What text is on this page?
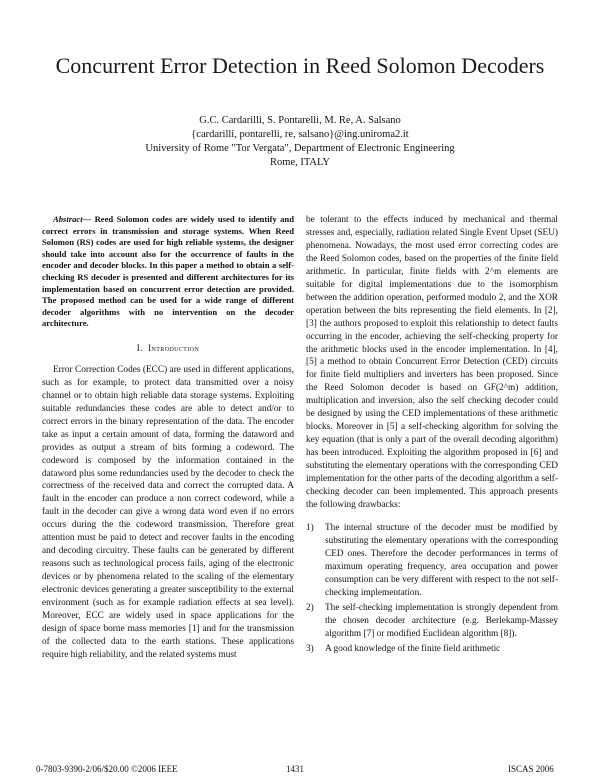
Concurrent Error Detection in Reed Solomon Decoders
G.C. Cardarilli, S. Pontarelli, M. Re, A. Salsano
{cardarilli, pontarelli, re, salsano}@ing.uniroma2.it
University of Rome "Tor Vergata", Department of Electronic Engineering
Rome, ITALY

Abstract— Reed Solomon codes are widely used to identify and correct errors in transmission and storage systems. When Reed Solomon (RS) codes are used for high reliable systems, the designer should take into account also for the occurrence of faults in the encoder and decoder blocks. In this paper a method to obtain a self-checking RS decoder is presented and different architectures for its implementation based on concurrent error detection are provided. The proposed method can be used for a wide range of different decoder algorithms with no intervention on the decoder architecture.

I. Introduction

Error Correction Codes (ECC) are used in different applications, such as for example, to protect data transmitted over a noisy channel or to obtain high reliable data storage systems. Exploiting suitable redundancies these codes are able to detect and/or to correct errors in the binary representation of the data. The encoder take as input a certain amount of data, forming the dataword and provides as output a stream of bits forming a codeword. The codeword is composed by the information contained in the dataword plus some redundancies used by the decoder to check the correctness of the received data and correct the corrupted data. A fault in the encoder can produce a non correct codeword, while a fault in the decoder can give a wrong data word even if no errors occurs during the the codeword transmission. Therefore great attention must be paid to detect and recover faults in the encoding and decoding circuitry. These faults can be generated by different reasons such as technological process fails, aging of the electronic devices or by phenomena related to the scaling of the elementary electronic devices generating a greater susceptibility to the external environment (such as for example radiation effects at sea level). Moreover, ECC are widely used in space applications for the design of space borne mass memories [1] and for the transmission of the collected data to the earth stations. These applications require high reliability, and the related systems must

be tolerant to the effects induced by mechanical and thermal stresses and, especially, radiation related Single Event Upset (SEU) phenomena. Nowadays, the most used error correcting codes are the Reed Solomon codes, based on the properties of the finite field arithmetic. In particular, finite fields with 2^m elements are suitable for digital implementations due to the isomorphism between the addition operation, performed modulo 2, and the XOR operation between the bits representing the field elements. In [2], [3] the authors proposed to exploit this relationship to detect faults occurring in the encoder, achieving the self-checking property for the arithmetic blocks used in the encoder implementation. In [4], [5] a method to obtain Concurrent Error Detection (CED) circuits for finite field multipliers and inverters has been proposed. Since the Reed Solomon decoder is based on GF(2^m) addition, multiplication and inversion, also the self checking decoder could be designed by using the CED implementations of these arithmetic blocks. Moreover in [5] a self-checking algorithm for solving the key equation (that is only a part of the overall decoding algorithm) has been introduced. Exploiting the algorithm proposed in [6] and substituting the elementary operations with the corresponding CED implementation for the other parts of the decoding algorithm a self-checking decoder can been implemented. This approach presents the following drawbacks:

1) The internal structure of the decoder must be modified by substituting the elementary operations with the corresponding CED ones. Therefore the decoder performances in terms of maximum operating frequency, area occupation and power consumption can be very different with respect to the not self-checking implementation.
2) The self-checking implementation is strongly dependent from the chosen decoder architecture (e.g. Berlekamp-Massey algorithm [7] or modified Euclidean algorithm [8]).
3) A good knowledge of the finite field arithmetic
0-7803-9390-2/06/$20.00 ©2006 IEEE	1431	ISCAS 2006
